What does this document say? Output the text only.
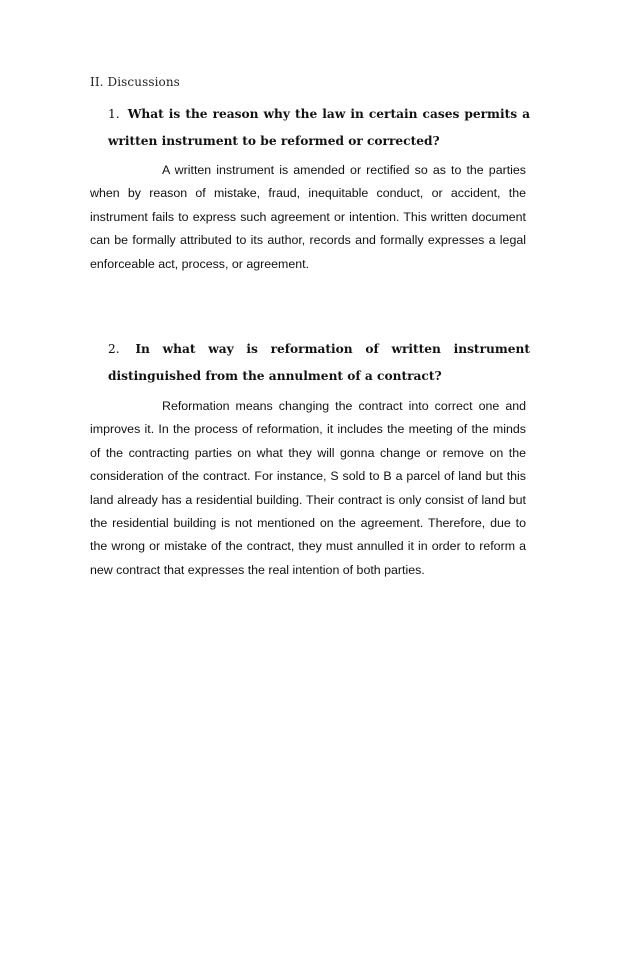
II. Discussions
1. What is the reason why the law in certain cases permits a written instrument to be reformed or corrected?

A written instrument is amended or rectified so as to the parties when by reason of mistake, fraud, inequitable conduct, or accident, the instrument fails to express such agreement or intention. This written document can be formally attributed to its author, records and formally expresses a legal enforceable act, process, or agreement.

2. In what way is reformation of written instrument distinguished from the annulment of a contract?

Reformation means changing the contract into correct one and improves it. In the process of reformation, it includes the meeting of the minds of the contracting parties on what they will gonna change or remove on the consideration of the contract. For instance, S sold to B a parcel of land but this land already has a residential building. Their contract is only consist of land but the residential building is not mentioned on the agreement. Therefore, due to the wrong or mistake of the contract, they must annulled it in order to reform a new contract that expresses the real intention of both parties.
